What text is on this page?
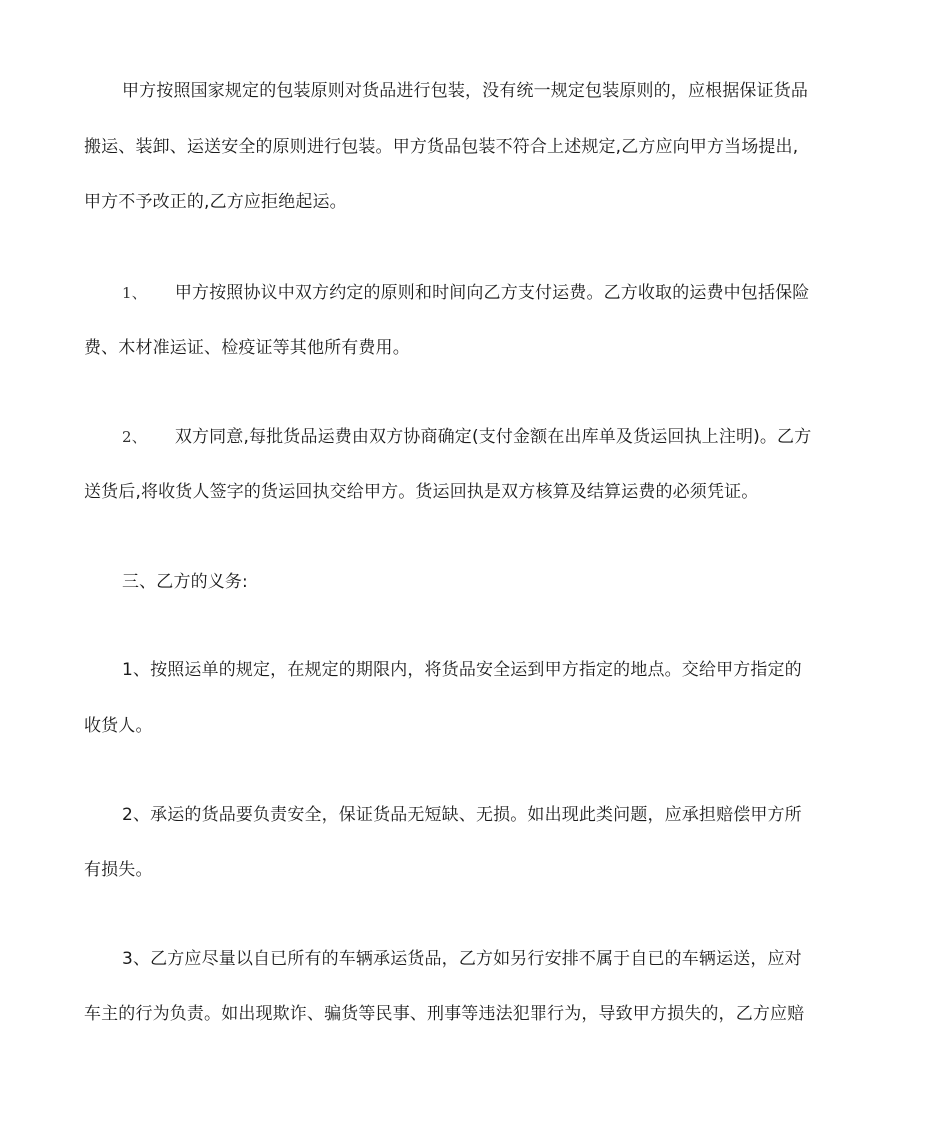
甲方按照国家规定的包装原则对货品进行包装，没有统一规定包装原则的，应根据保证货品
搬运、装卸、运送安全的原则进行包装。甲方货品包装不符合上述规定,乙方应向甲方当场提出,
甲方不予改正的,乙方应拒绝起运。
1、 甲方按照协议中双方约定的原则和时间向乙方支付运费。乙方收取的运费中包括保险
费、木材准运证、检疫证等其他所有费用。
2、 双方同意,每批货品运费由双方协商确定(支付金额在出库单及货运回执上注明)。乙方
送货后,将收货人签字的货运回执交给甲方。货运回执是双方核算及结算运费的必须凭证。
三、乙方的义务:
1、按照运单的规定，在规定的期限内，将货品安全运到甲方指定的地点。交给甲方指定的
收货人。
2、承运的货品要负责安全，保证货品无短缺、无损。如出现此类问题，应承担赔偿甲方所
有损失。
3、乙方应尽量以自已所有的车辆承运货品，乙方如另行安排不属于自已的车辆运送，应对
车主的行为负责。如出现欺诈、骗货等民事、刑事等违法犯罪行为，导致甲方损失的，乙方应赔
